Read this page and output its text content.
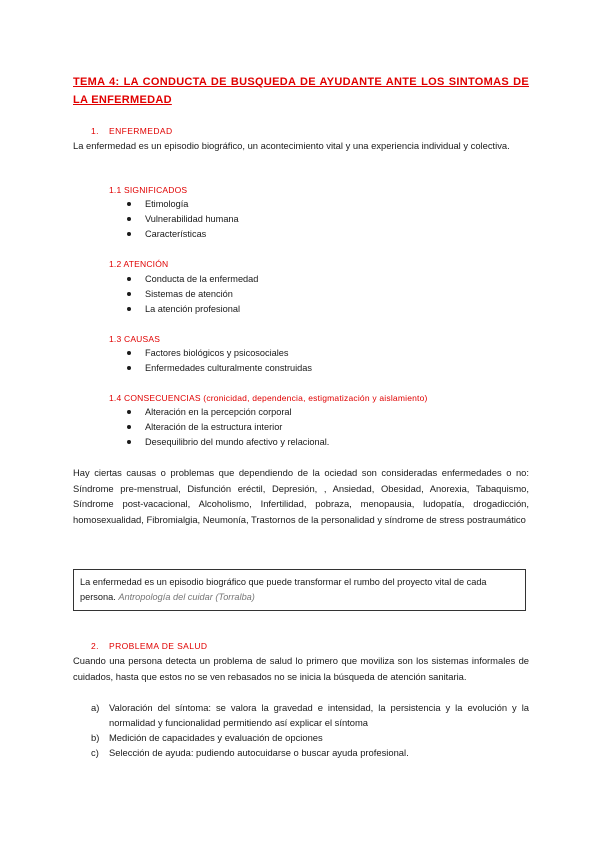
TEMA 4: LA CONDUCTA DE BUSQUEDA DE AYUDANTE ANTE LOS SINTOMAS DE LA ENFERMEDAD
1. ENFERMEDAD
La enfermedad es un episodio biográfico, un acontecimiento vital y una experiencia individual y colectiva.
1.1 SIGNIFICADOS
Etimología
Vulnerabilidad humana
Características
1.2 ATENCIÓN
Conducta de la enfermedad
Sistemas de atención
La atención profesional
1.3 CAUSAS
Factores biológicos y psicosociales
Enfermedades culturalmente construidas
1.4 CONSECUENCIAS (cronicidad, dependencia, estigmatización y aislamiento)
Alteración en la percepción corporal
Alteración de la estructura interior
Desequilibrio del mundo afectivo y relacional.
Hay ciertas causas o problemas que dependiendo de la ociedad son consideradas enfermedades o no: Síndrome pre-menstrual, Disfunción eréctil, Depresión, , Ansiedad, Obesidad, Anorexia, Tabaquismo, Síndrome post-vacacional, Alcoholismo, Infertilidad, pobraza, menopausia, ludopatía, drogadicción, homosexualidad, Fibromialgia, Neumonía, Trastornos de la personalidad y síndrome de stress postraumático
La enfermedad es un episodio biográfico que puede transformar el rumbo del proyecto vital de cada persona. Antropología del cuidar (Torralba)
2. PROBLEMA DE SALUD
Cuando una persona detecta un problema de salud lo primero que moviliza son los sistemas informales de cuidados, hasta que estos no se ven rebasados no se inicia la búsqueda de atención sanitaria.
a) Valoración del síntoma: se valora la gravedad e intensidad, la persistencia y la evolución y la normalidad y funcionalidad permitiendo así explicar el síntoma
b) Medición de capacidades y evaluación de opciones
c) Selección de ayuda: pudiendo autocuidarse o buscar ayuda profesional.
